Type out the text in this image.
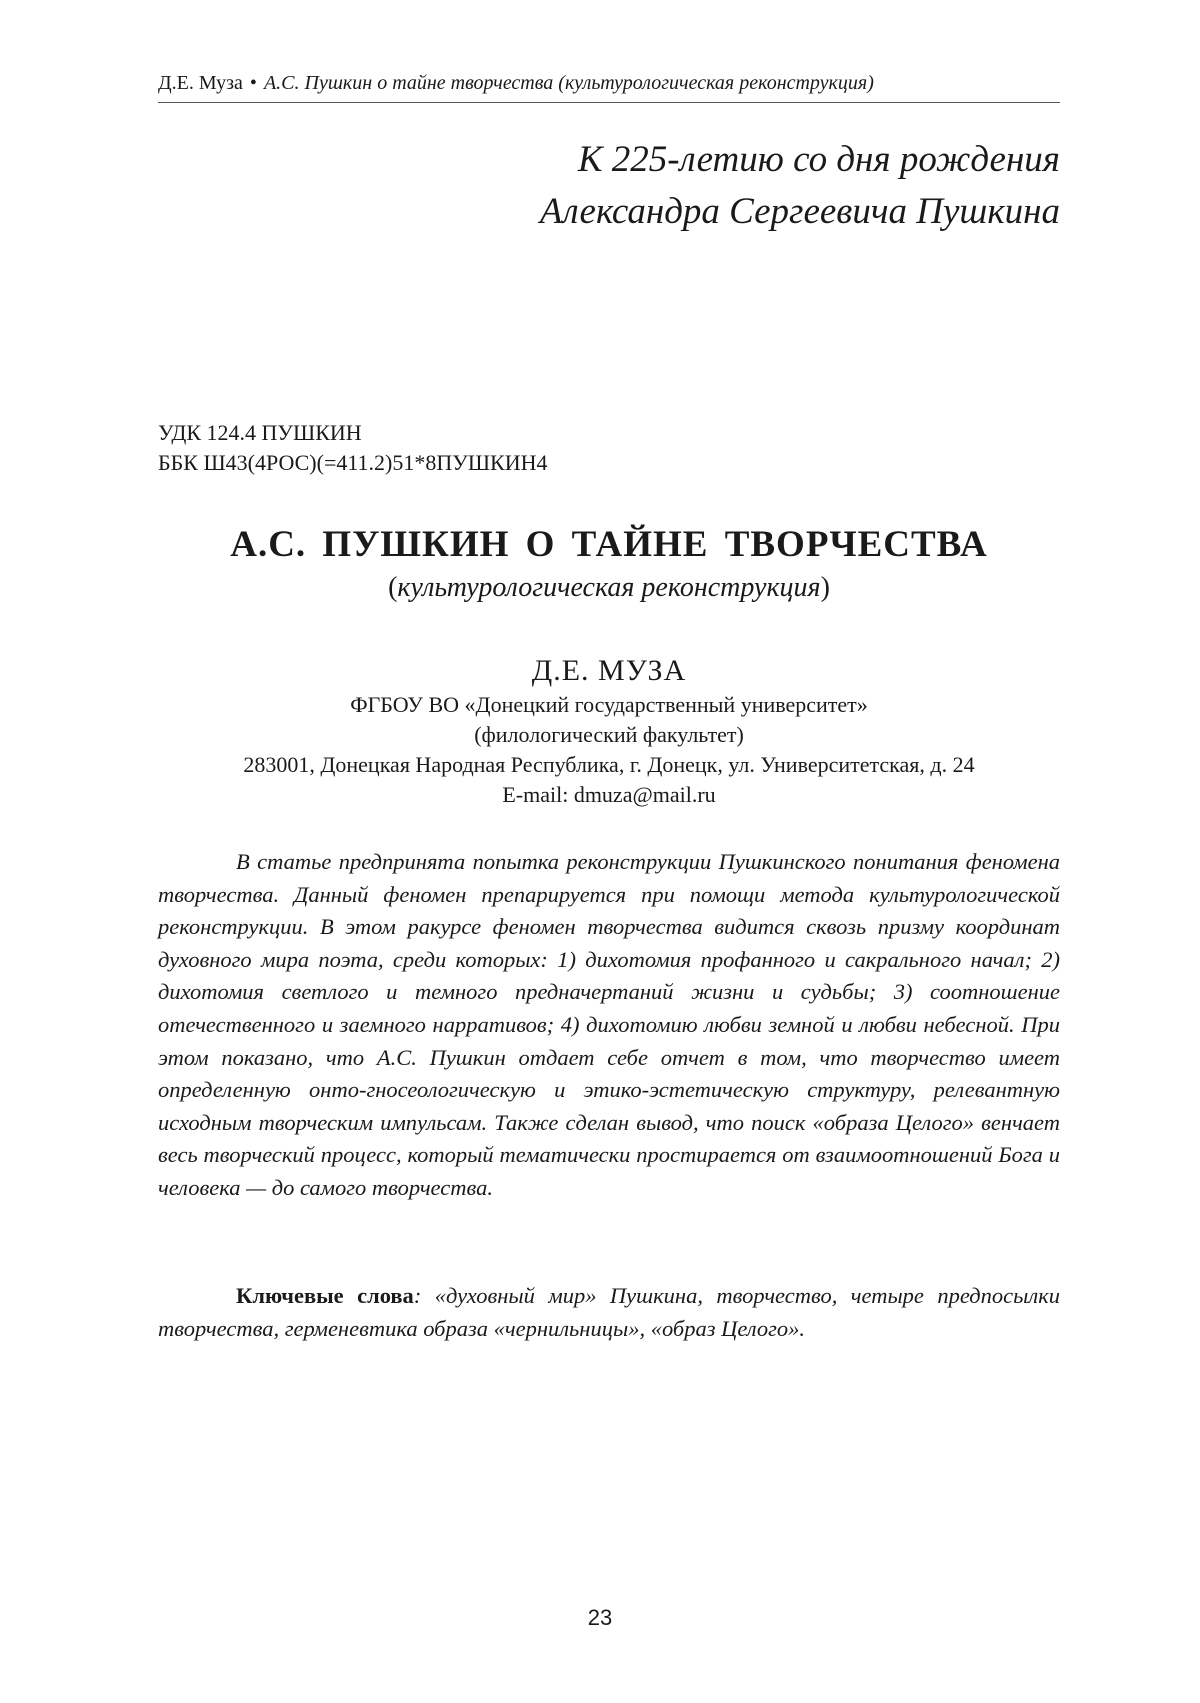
Д.Е. Муза • А.С. Пушкин о тайне творчества (культурологическая реконструкция)
К 225-летию со дня рождения
Александра Сергеевича Пушкина
УДК 124.4 ПУШКИН
ББК Ш43(4РОС)(=411.2)51*8ПУШКИН4
А.С. ПУШКИН О ТАЙНЕ ТВОРЧЕСТВА
(культурологическая реконструкция)
Д.Е. МУЗА
ФГБОУ ВО «Донецкий государственный университет»
(филологический факультет)
283001, Донецкая Народная Республика, г. Донецк, ул. Университетская, д. 24
E-mail: dmuza@mail.ru

В статье предпринята попытка реконструкции Пушкинского пониmания феномена творчества. Данный феномен препарируется при помощи метода культурологической реконструкции. В этом ракурсе феномен творчества видится сквозь призму координат духовного мира поэта, среди которых: 1) дихотомия профанного и сакрального начал; 2) дихотомия светлого и темного предначертаний жизни и судьбы; 3) соотношение отечественного и заемного нарративов; 4) дихотомию любви земной и любви небесной. При этом показано, что А.С. Пушкин отдает себе отчет в том, что творчество имеет определенную онто-гносеологическую и этико-эстетическую структуру, релевантную исходным творческим импульсам. Также сделан вывод, что поиск «образа Целого» венчает весь творческий процесс, который тематически простирается от взаимоотношений Бога и человека — до самого творчества.

Ключевые слова: «духовный мир» Пушкина, творчество, четыре предпосылки творчества, герменевтика образа «чернильницы», «образ Целого».

23
